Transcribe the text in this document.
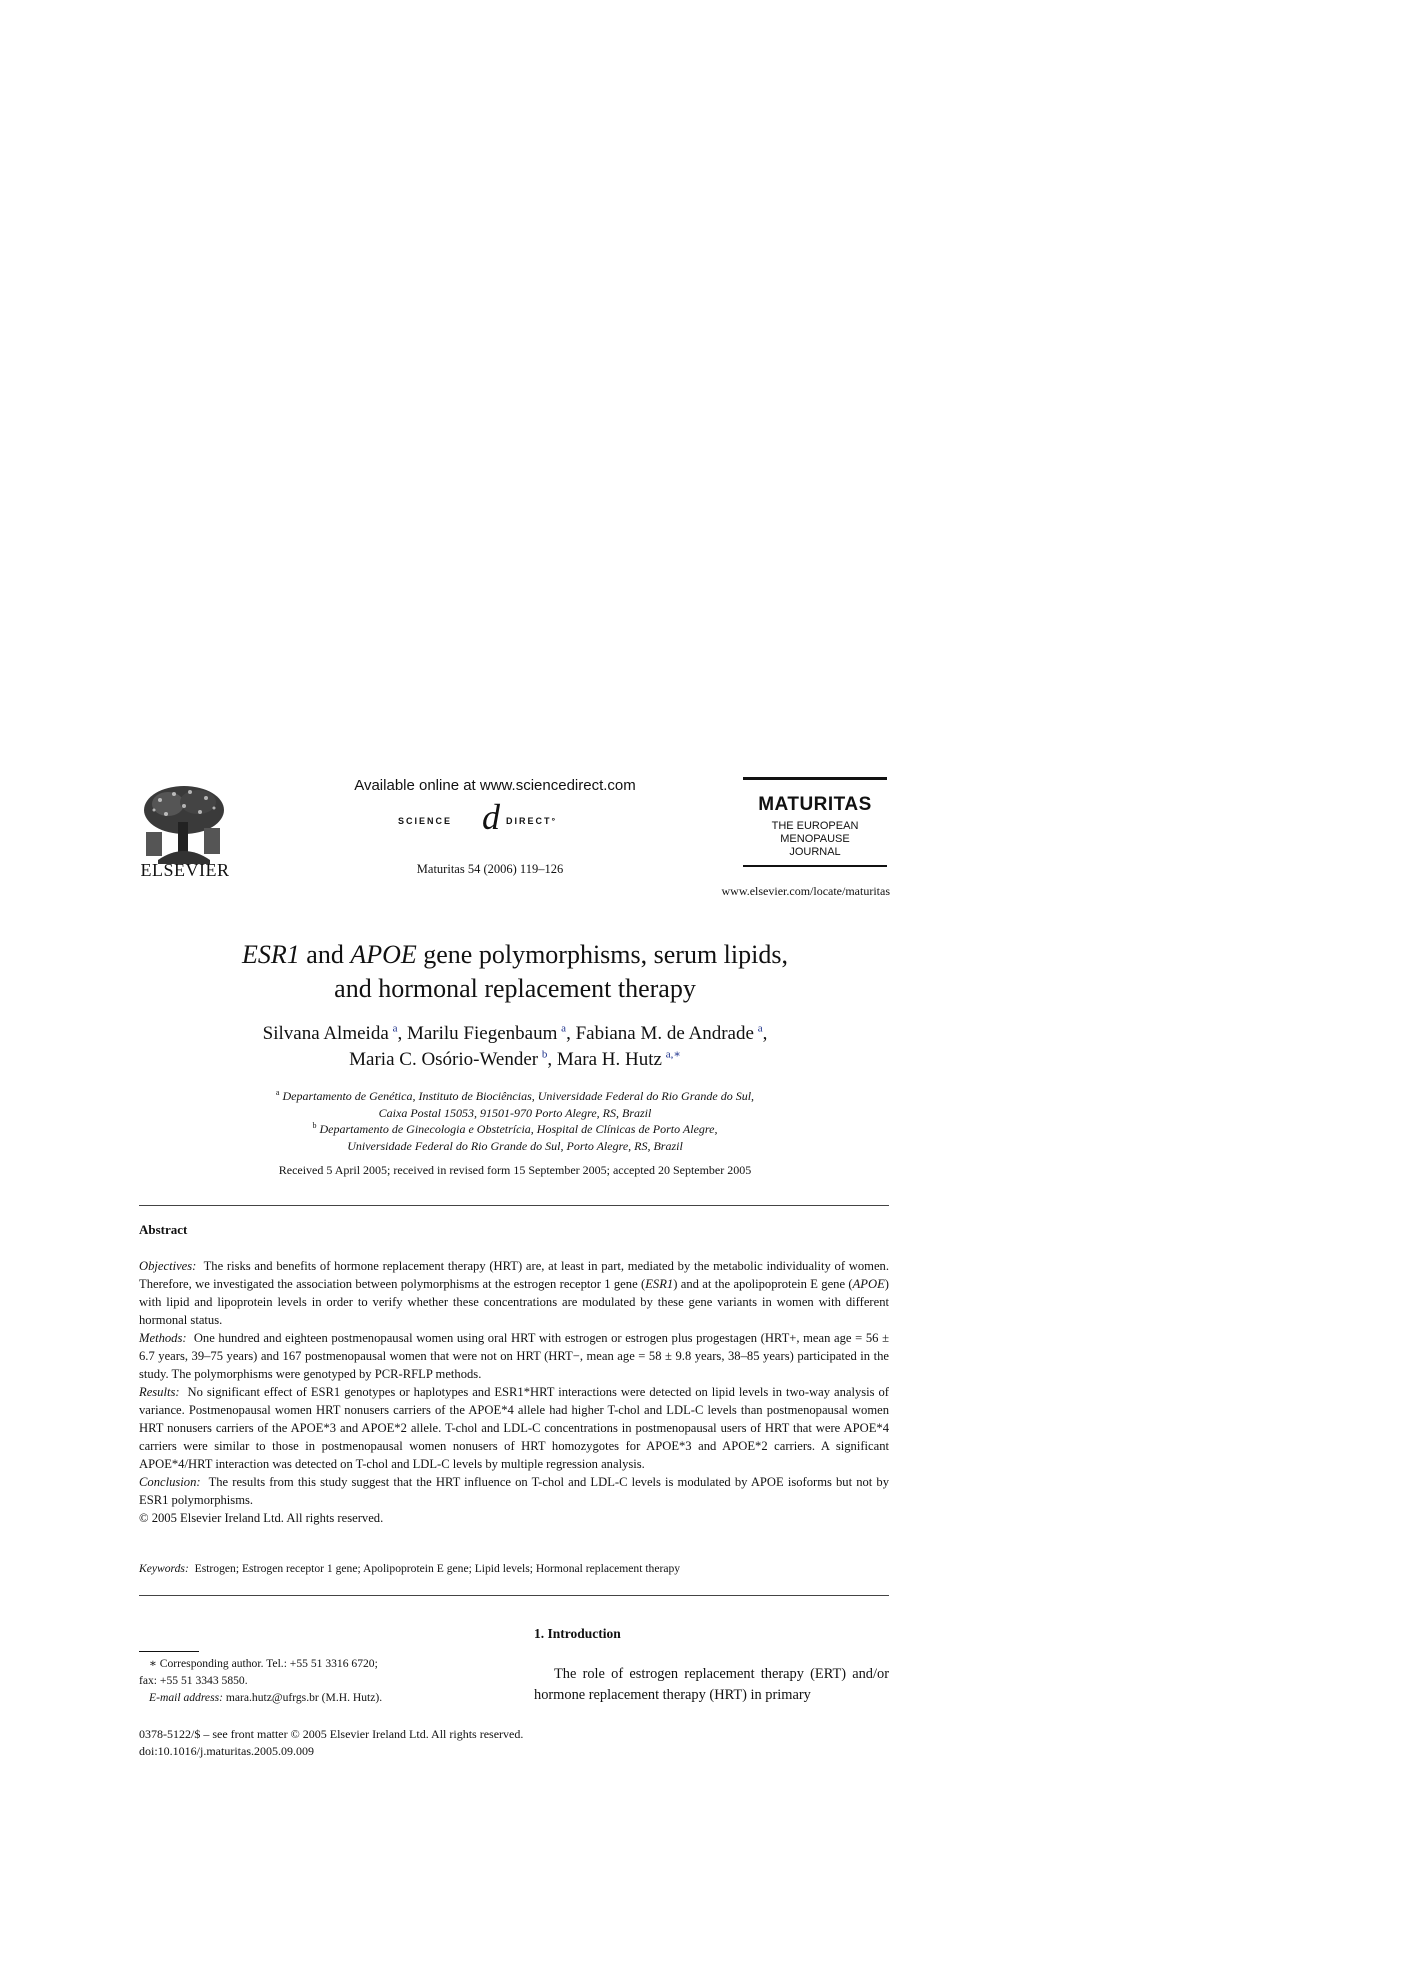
ELSEVIER
Available online at www.sciencedirect.com
SCIENCE d DIRECT°
Maturitas 54 (2006) 119–126
MATURITAS
THE EUROPEAN
MENOPAUSE
JOURNAL
www.elsevier.com/locate/maturitas
ESR1 and APOE gene polymorphisms, serum lipids,
and hormonal replacement therapy
Silvana Almeida  $^a$, Marilu Fiegenbaum  $^a$, Fabiana M. de Andrade  $^a$,
Maria C. Osório-Wender  $^b$, Mara H. Hutz  $^{a,∗}$
$^a$ Departamento de Genética, Instituto de Biociências, Universidade Federal do Rio Grande do Sul,
Caixa Postal 15053, 91501-970 Porto Alegre, RS, Brazil
$^b$ Departamento de Ginecologia e Obstetrícia, Hospital de Clínicas de Porto Alegre,
Universidade Federal do Rio Grande do Sul, Porto Alegre, RS, Brazil
Received 5 April 2005; received in revised form 15 September 2005; accepted 20 September 2005
Abstract

Objectives: The risks and benefits of hormone replacement therapy (HRT) are, at least in part, mediated by the metabolic individuality of women. Therefore, we investigated the association between polymorphisms at the estrogen receptor 1 gene (ESR1) and at the apolipoprotein E gene (APOE) with lipid and lipoprotein levels in order to verify whether these concentrations are modulated by these gene variants in women with different hormonal status.

Methods: One hundred and eighteen postmenopausal women using oral HRT with estrogen or estrogen plus progestagen (HRT+, mean age = 56 ± 6.7 years, 39–75 years) and 167 postmenopausal women that were not on HRT (HRT−, mean age = 58 ± 9.8 years, 38–85 years) participated in the study. The polymorphisms were genotyped by PCR-RFLP methods.

Results: No significant effect of ESR1 genotypes or haplotypes and ESR1*HRT interactions were detected on lipid levels in two-way analysis of variance. Postmenopausal women HRT nonusers carriers of the APOE*4 allele had higher T-chol and LDL-C levels than postmenopausal women HRT nonusers carriers of the APOE*3 and APOE*2 allele. T-chol and LDL-C concentrations in postmenopausal users of HRT that were APOE*4 carriers were similar to those in postmenopausal women nonusers of HRT homozygotes for APOE*3 and APOE*2 carriers. A significant APOE*4/HRT interaction was detected on T-chol and LDL-C levels by multiple regression analysis.

Conclusion: The results from this study suggest that the HRT influence on T-chol and LDL-C levels is modulated by APOE isoforms but not by ESR1 polymorphisms.

© 2005 Elsevier Ireland Ltd. All rights reserved.

Keywords: Estrogen; Estrogen receptor 1 gene; Apolipoprotein E gene; Lipid levels; Hormonal replacement therapy
1. Introduction

The role of estrogen replacement therapy (ERT) and/or hormone replacement therapy (HRT) in primary

∗ Corresponding author. Tel.: +55 51 3316 6720;
fax: +55 51 3343 5850.
E-mail address: mara.hutz@ufrgs.br (M.H. Hutz).
0378-5122/$ – see front matter © 2005 Elsevier Ireland Ltd. All rights reserved.
doi:10.1016/j.maturitas.2005.09.009
